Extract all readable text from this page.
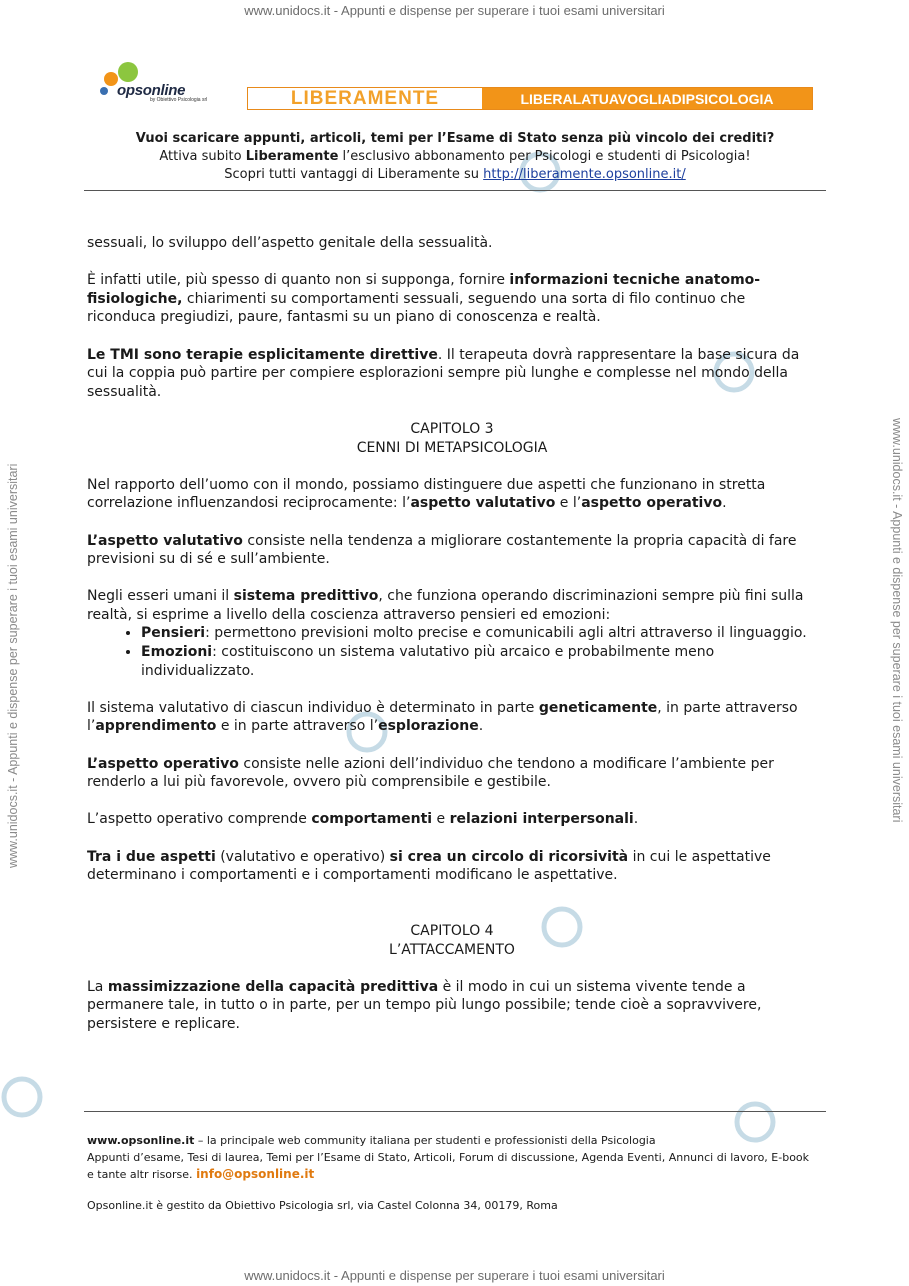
www.unidocs.it - Appunti e dispense per superare i tuoi esami universitari
www.unidocs.it - Appunti e dispense per superare i tuoi esami universitari
www.unidocs.it - Appunti e dispense per superare i tuoi esami universitari	www.unidocs.it - Appunti e dispense per superare i tuoi esami universitari
opsonline
by Obiettivo Psicologia srl	LIBERAMENTE	LIBERALATUAVOGLIADIPSICOLOGIA
Vuoi scaricare appunti, articoli, temi per l’Esame di Stato senza più vincolo dei crediti?
Attiva subito Liberamente l’esclusivo abbonamento per Psicologi e studenti di Psicologia!
Scopri tutti vantaggi di Liberamente su http://liberamente.opsonline.it/

sessuali, lo sviluppo dell’aspetto genitale della sessualità.

È infatti utile, più spesso di quanto non si supponga, fornire informazioni tecniche anatomo-fisiologiche, chiarimenti su comportamenti sessuali, seguendo una sorta di filo continuo che riconduca pregiudizi, paure, fantasmi su un piano di conoscenza e realtà.

Le TMI sono terapie esplicitamente direttive. Il terapeuta dovrà rappresentare la base sicura da cui la coppia può partire per compiere esplorazioni sempre più lunghe e complesse nel mondo della sessualità.

CAPITOLO 3
CENNI DI METAPSICOLOGIA

Nel rapporto dell’uomo con il mondo, possiamo distinguere due aspetti che funzionano in stretta correlazione influenzandosi reciprocamente: l’aspetto valutativo e l’aspetto operativo.

L’aspetto valutativo consiste nella tendenza a migliorare costantemente la propria capacità di fare previsioni su di sé e sull’ambiente.

Negli esseri umani il sistema predittivo, che funziona operando discriminazioni sempre più fini sulla realtà, si esprime a livello della coscienza attraverso pensieri ed emozioni:

• Pensieri: permettono previsioni molto precise e comunicabili agli altri attraverso il linguaggio.
• Emozioni: costituiscono un sistema valutativo più arcaico e probabilmente meno individualizzato.

Il sistema valutativo di ciascun individuo è determinato in parte geneticamente, in parte attraverso l’apprendimento e in parte attraverso l’esplorazione.

L’aspetto operativo consiste nelle azioni dell’individuo che tendono a modificare l’ambiente per renderlo a lui più favorevole, ovvero più comprensibile e gestibile.

L’aspetto operativo comprende comportamenti e relazioni interpersonali.

Tra i due aspetti (valutativo e operativo) si crea un circolo di ricorsività in cui le aspettative determinano i comportamenti e i comportamenti modificano le aspettative.

CAPITOLO 4
L’ATTACCAMENTO

La massimizzazione della capacità predittiva è il modo in cui un sistema vivente tende a permanere tale, in tutto o in parte, per un tempo più lungo possibile; tende cioè a sopravvivere, persistere e replicare.

www.opsonline.it – la principale web community italiana per studenti e professionisti della Psicologia
Appunti d’esame, Tesi di laurea, Temi per l’Esame di Stato, Articoli, Forum di discussione, Agenda Eventi, Annunci di lavoro, E-book e tante altr risorse. info@opsonline.it
Opsonline.it è gestito da Obiettivo Psicologia srl, via Castel Colonna 34, 00179, Roma
